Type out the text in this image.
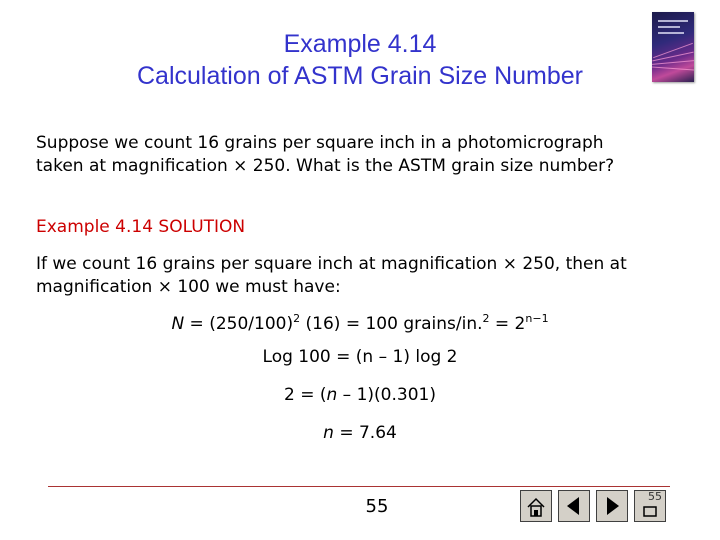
Example 4.14
Calculation of ASTM Grain Size Number
Suppose we count 16 grains per square inch in a photomicrograph taken at magnification × 250. What is the ASTM grain size number?
Example 4.14 SOLUTION
If we count 16 grains per square inch at magnification × 250, then at magnification × 100 we must have:
$N = (250/100)^2$ (16) = 100 grains/in.$^2$ = $2^{n-1}$
Log 100 = (n – 1) log 2
2 = (n – 1)(0.301)
n = 7.64
55	55
